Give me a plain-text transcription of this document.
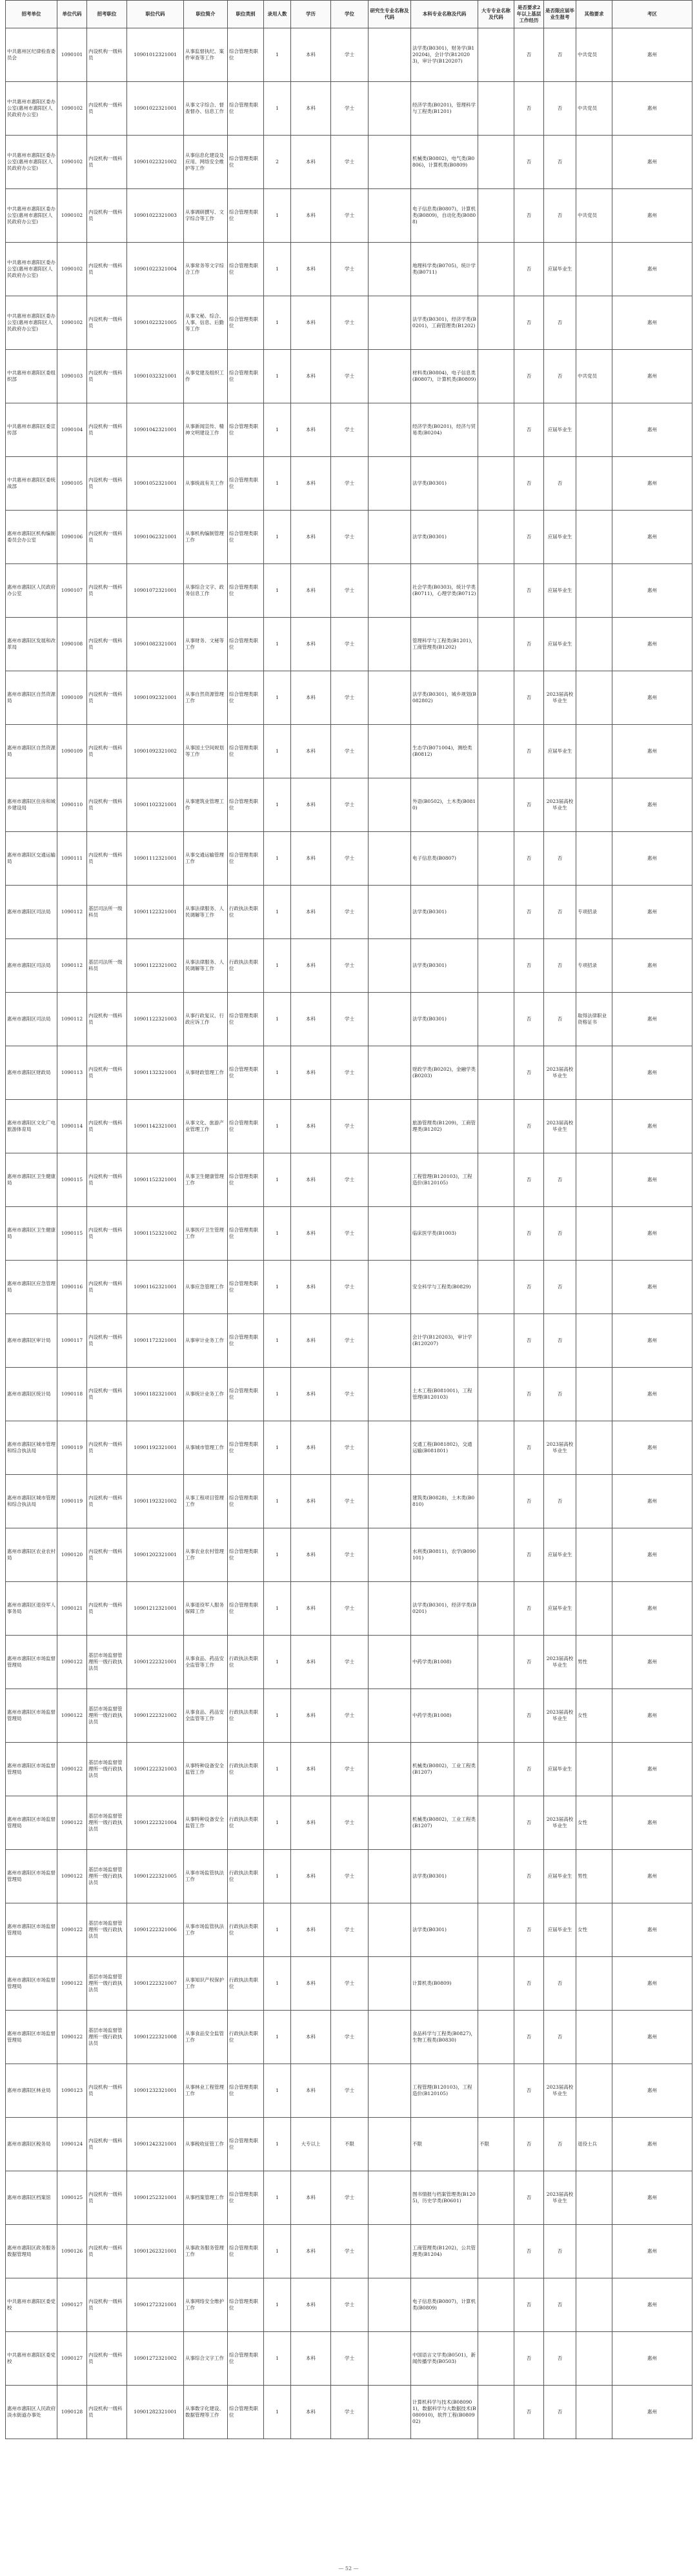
招考单位	单位代码	招考职位	职位代码	职位简介	职位类别	录用人数	学历	学位	研究生专业名称及代码	本科专业名称及代码	大专专业名称及代码	是否要求2年以上基层工作经历	是否限应届毕业生报考	其他要求	考区
中共惠州区纪律检查委员会	1090101	内设机构一级科员	10901012321001	从事监督执纪、案件审查等工作	综合管理类职位	1	本科	学士		法学类(B0301)，财务学(B120204)，会计学(B120203)，审计学(B120207)		否	否	中共党员	惠州
中共惠州市惠阳区委办公室(惠州市惠阳区人民政府办公室)	1090102	内设机构一级科员	10901022321001	从事文字综合、督查督办、信息工作	综合管理类职位	1	本科	学士		经济学类(B0201)，管理科学与工程类(B1201)		否	否	中共党员	惠州
中共惠州市惠阳区委办公室(惠州市惠阳区人民政府办公室)	1090102	内设机构一级科员	10901022321002	从事信息化建设及应用、网络安全维护等工作	综合管理类职位	2	本科	学士		机械类(B0802)，电气类(B0806)，计算机类(B0809)		否	否		惠州
中共惠州市惠阳区委办公室(惠州市惠阳区人民政府办公室)	1090102	内设机构一级科员	10901022321003	从事调研撰写、文字综合等工作	综合管理类职位	1	本科	学士		电子信息类(B0807)，计算机类(B0809)，自动化类(B0808)		否	否	中共党员	惠州
中共惠州市惠阳区委办公室(惠州市惠阳区人民政府办公室)	1090102	内设机构一级科员	10901022321004	从事常务等文字综合工作	综合管理类职位	1	本科	学士		地理科学类(B0705)，统计学类(B0711)		否	应届毕业生		惠州
中共惠州市惠阳区委办公室(惠州市惠阳区人民政府办公室)	1090102	内设机构一级科员	10901022321005	从事文秘、综合、人事、信息、后勤等工作	综合管理类职位	1	本科	学士		法学类(B0301)，经济学类(B0201)，工商管理类(B1202)		否	否		惠州
中共惠州市惠阳区委组织部	1090103	内设机构一级科员	10901032321001	从事党建及组织工作	综合管理类职位	1	本科	学士		材料类(B0804)，电子信息类(B0807)，计算机类(B0809)		否	否	中共党员	惠州
中共惠州市惠阳区委宣传部	1090104	内设机构一级科员	10901042321001	从事新闻宣传、精神文明建设工作	综合管理类职位	1	本科	学士		经济学类(B0201)，经济与贸易类(B0204)		否	应届毕业生		惠州
中共惠州市惠阳区委统战部	1090105	内设机构一级科员	10901052321001	从事统战有关工作	综合管理类职位	1	本科	学士		法学类(B0301)		否	否		惠州
惠州市惠阳区机构编制委员会办公室	1090106	内设机构一级科员	10901062321001	从事机构编制管理工作	综合管理类职位	1	本科	学士		法学类(B0301)		否	应届毕业生		惠州
惠州市惠阳区人民政府办公室	1090107	内设机构一级科员	10901072321001	从事综合文字、政务信息工作	综合管理类职位	1	本科	学士		社会学类(B0303)，统计学类(B0711)，心理学类(B0712)		否	应届毕业生		惠州
惠州市惠阳区发展和改革局	1090108	内设机构一级科员	10901082321001	从事财务、文秘等工作	综合管理类职位	1	本科	学士		管理科学与工程类(B1201)，工商管理类(B1202)		否	应届毕业生		惠州
惠州市惠阳区自然资源局	1090109	内设机构一级科员	10901092321001	从事自然资源管理工作	综合管理类职位	1	本科	学士		法学类(B0301)，城乡规划(B082802)		否	2023届高校毕业生		惠州
惠州市惠阳区自然资源局	1090109	内设机构一级科员	10901092321002	从事国土空间规划等工作	综合管理类职位	1	本科	学士		生态学(B071004)，测绘类(B0812)		否	应届毕业生		惠州
惠州市惠阳区住房和城乡建设局	1090110	内设机构一级科员	10901102321001	从事建筑业管理工作	综合管理类职位	1	本科	学士		外语(B0502)，土木类(B0810)		否	2023届高校毕业生		惠州
惠州市惠阳区交通运输局	1090111	内设机构一级科员	10901112321001	从事交通运输管理工作	综合管理类职位	1	本科	学士		电子信息类(B0807)		否	否		惠州
惠州市惠阳区司法局	1090112	基层司法所一级科员	10901122321001	从事法律服务、人民调解等工作	行政执法类职位	1	本科	学士		法学类(B0301)		否	否	专项招录	惠州
惠州市惠阳区司法局	1090112	基层司法所一级科员	10901122321002	从事法律服务、人民调解等工作	行政执法类职位	1	本科	学士		法学类(B0301)		否	否	专项招录	惠州
惠州市惠阳区司法局	1090112	内设机构一级科员	10901122321003	从事行政复议、行政应诉工作	综合管理类职位	1	本科	学士		法学类(B0301)		否	否	取得法律职业资格证书	惠州
惠州市惠阳区财政局	1090113	内设机构一级科员	10901132321001	从事财政管理工作	综合管理类职位	1	本科	学士		财政学类(B0202)，金融学类(B0203)		否	2023届高校毕业生		惠州
惠州市惠阳区文化广电旅游体育局	1090114	内设机构一级科员	10901142321001	从事文化、旅游产业管理工作	综合管理类职位	1	本科	学士		旅游管理类(B1209)，工商管理类(B1202)		否	2023届高校毕业生		惠州
惠州市惠阳区卫生健康局	1090115	内设机构一级科员	10901152321001	从事卫生健康管理工作	综合管理类职位	1	本科	学士		工程管理(B120103)，工程造价(B120105)		否	否		惠州
惠州市惠阳区卫生健康局	1090115	内设机构一级科员	10901152321002	从事医疗卫生管理工作	综合管理类职位	1	本科	学士		临床医学类(B1003)		否	否		惠州
惠州市惠阳区应急管理局	1090116	内设机构一级科员	10901162321001	从事应急管理工作	综合管理类职位	1	本科	学士		安全科学与工程类(B0829)		否	否		惠州
惠州市惠阳区审计局	1090117	内设机构一级科员	10901172321001	从事审计业务工作	综合管理类职位	1	本科	学士		会计学(B120203)，审计学(B120207)		否	否		惠州
惠州市惠阳区统计局	1090118	内设机构一级科员	10901182321001	从事统计业务工作	综合管理类职位	1	本科	学士		土木工程(B081001)，工程管理(B120103)		否	否		惠州
惠州市惠阳区城市管理和综合执法局	1090119	内设机构一级科员	10901192321001	从事城市管理工作	综合管理类职位	1	本科	学士		交通工程(B081802)，交通运输(B081801)		否	2023届高校毕业生		惠州
惠州市惠阳区城市管理和综合执法局	1090119	内设机构一级科员	10901192321002	从事工程项目管理工作	综合管理类职位	1	本科	学士		建筑类(B0828)，土木类(B0810)		否	否		惠州
惠州市惠阳区农业农村局	1090120	内设机构一级科员	10901202321001	从事农业农村管理工作	综合管理类职位	1	本科	学士		水利类(B0811)，农学(B090101)		否	应届毕业生		惠州
惠州市惠阳区退役军人事务局	1090121	内设机构一级科员	10901212321001	从事退役军人服务保障工作	综合管理类职位	1	本科	学士		法学类(B0301)，经济学类(B0201)		否	应届毕业生		惠州
惠州市惠阳区市场监督管理局	1090122	基层市场监督管理所一级行政执法员	10901222321001	从事食品、药品安全监管等工作	行政执法类职位	1	本科	学士		中药学类(B1008)		否	2023届高校毕业生	男性	惠州
惠州市惠阳区市场监督管理局	1090122	基层市场监督管理所一级行政执法员	10901222321002	从事食品、药品安全监管等工作	行政执法类职位	1	本科	学士		中药学类(B1008)		否	2023届高校毕业生	女性	惠州
惠州市惠阳区市场监督管理局	1090122	基层市场监督管理所一级行政执法员	10901222321003	从事特种设备安全监管工作	行政执法类职位	1	本科	学士		机械类(B0802)，工业工程类(B1207)		否	应届毕业生		惠州
惠州市惠阳区市场监督管理局	1090122	基层市场监督管理所一级行政执法员	10901222321004	从事特种设备安全监管工作	行政执法类职位	1	本科	学士		机械类(B0802)，工业工程类(B1207)		否	2023届高校毕业生	女性	惠州
惠州市惠阳区市场监督管理局	1090122	基层市场监督管理所一级行政执法员	10901222321005	从事市场监管执法工作	行政执法类职位	1	本科	学士		法学类(B0301)		否	应届毕业生	男性	惠州
惠州市惠阳区市场监督管理局	1090122	基层市场监督管理所一级行政执法员	10901222321006	从事市场监管执法工作	行政执法类职位	1	本科	学士		法学类(B0301)		否	应届毕业生	女性	惠州
惠州市惠阳区市场监督管理局	1090122	基层市场监督管理所一级行政执法员	10901222321007	从事知识产权保护工作	行政执法类职位	1	本科	学士		计算机类(B0809)		否	否		惠州
惠州市惠阳区市场监督管理局	1090122	基层市场监督管理所一级行政执法员	10901222321008	从事食品安全监管工作	行政执法类职位	1	本科	学士		食品科学与工程类(B0827)，生物工程类(B0830)		否	否		惠州
惠州市惠阳区林业局	1090123	内设机构一级科员	10901232321001	从事林业工程管理工作	综合管理类职位	1	本科	学士		工程管理(B120103)，工程造价(B120105)		否	2023届高校毕业生		惠州
惠州市惠阳区税务局	1090124	内设机构一级科员	10901242321001	从事税收征管工作	综合管理类职位	1	大专以上	不限		不限	不限	否	否	退役士兵	惠州
惠州市惠阳区档案馆	1090125	内设机构一级科员	10901252321001	从事档案管理工作	综合管理类职位	1	本科	学士		图书情报与档案管理类(B1205)，历史学类(B0601)		否	2023届高校毕业生		惠州
惠州市惠阳区政务服务数据管理局	1090126	内设机构一级科员	10901262321001	从事政务服务管理工作	综合管理类职位	1	本科	学士		工商管理类(B1202)，公共管理类(B1204)		否	否		惠州
中共惠州市惠阳区委党校	1090127	内设机构一级科员	10901272321001	从事网络安全维护工作	综合管理类职位	1	本科	学士		电子信息类(B0807)，计算机类(B0809)		否	否		惠州
中共惠州市惠阳区委党校	1090127	内设机构一级科员	10901272321002	从事综合文字工作	综合管理类职位	1	本科	学士		中国语言文学类(B0501)，新闻传播学类(B0503)		否	否		惠州
惠州市惠阳区人民政府淡水街道办事处	1090128	内设机构一级科员	10901282321001	从事数字化建设、数据管理等工作	综合管理类职位	1	本科	学士		计算机科学与技术(B080901)，数据科学与大数据技术(B080910)，软件工程(B080902)		否	否		惠州
— 52 —
